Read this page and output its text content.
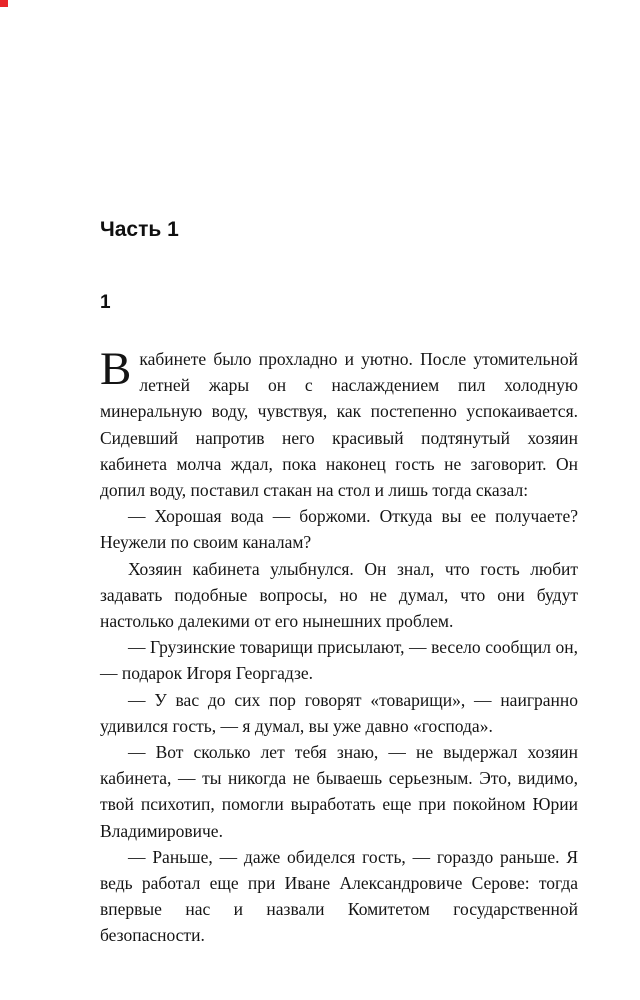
Часть 1
1

Вкабинете было прохладно и уютно. После утомительной летней жары он с наслаждением пил холодную минеральную воду, чувствуя, как постепенно успокаивается. Сидевший напротив него красивый подтянутый хозяин кабинета молча ждал, пока наконец гость не заговорит. Он допил воду, поставил стакан на стол и лишь тогда сказал:

— Хорошая вода — боржоми. Откуда вы ее получаете? Неужели по своим каналам?

Хозяин кабинета улыбнулся. Он знал, что гость любит задавать подобные вопросы, но не думал, что они будут настолько далекими от его нынешних проблем.

— Грузинские товарищи присылают, — весело сообщил он, — подарок Игоря Георгадзе.

— У вас до сих пор говорят «товарищи», — наигранно удивился гость, — я думал, вы уже давно «господа».

— Вот сколько лет тебя знаю, — не выдержал хозяин кабинета, — ты никогда не бываешь серьезным. Это, видимо, твой психотип, помогли выработать еще при покойном Юрии Владимировиче.

— Раньше, — даже обиделся гость, — гораздо раньше. Я ведь работал еще при Иване Александровиче Серове: тогда впервые нас и назвали Комитетом государственной безопасности.
